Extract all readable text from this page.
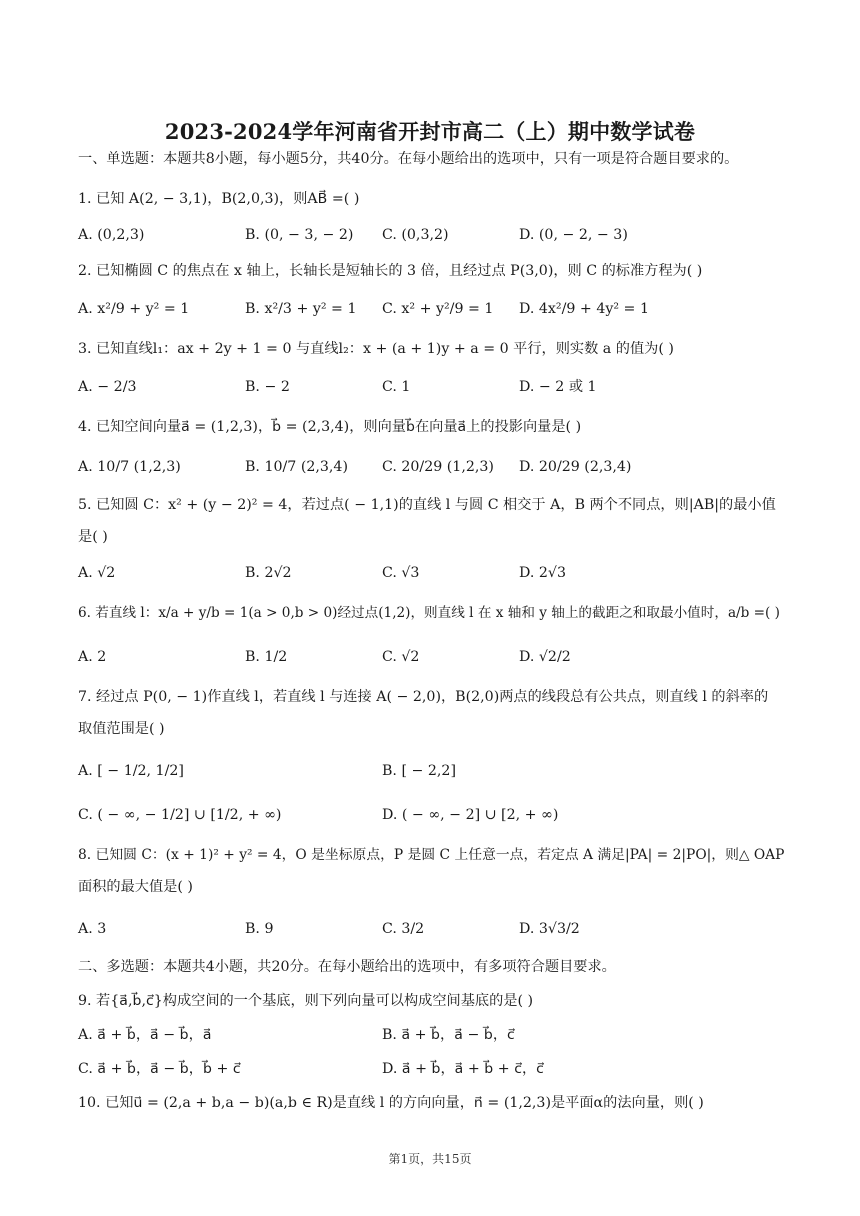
2023-2024学年河南省开封市高二（上）期中数学试卷
一、单选题：本题共8小题，每小题5分，共40分。在每小题给出的选项中，只有一项是符合题目要求的。
1. 已知 A(2, − 3,1)，B(2,0,3)，则AB⃗ =( )
A. (0,2,3)	B. (0, − 3, − 2) C. (0,3,2)	D. (0, − 2, − 3)
2. 已知椭圆 C 的焦点在 x 轴上，长轴长是短轴长的 3 倍，且经过点 P(3,0)，则 C 的标准方程为( )
A. x²/9 + y² = 1	B. x²/3 + y² = 1 C. x² + y²/9 = 1 D. 4x²/9 + 4y² = 1
3. 已知直线l₁：ax + 2y + 1 = 0 与直线l₂：x + (a + 1)y + a = 0 平行，则实数 a 的值为( )
A. − 2/3	B. − 2	C. 1	D. − 2 或 1
4. 已知空间向量a⃗ = (1,2,3)，b⃗ = (2,3,4)，则向量b⃗在向量a⃗上的投影向量是( )
A. 10/7 (1,2,3)	B. 10/7 (2,3,4) C. 20/29 (1,2,3) D. 20/29 (2,3,4)
5. 已知圆 C：x² + (y − 2)² = 4，若过点( − 1,1)的直线 l 与圆 C 相交于 A，B 两个不同点，则|AB|的最小值
是( )
A. √2	B. 2√2	C. √3	D. 2√3
6. 若直线 l：x/a + y/b = 1(a > 0,b > 0)经过点(1,2)，则直线 l 在 x 轴和 y 轴上的截距之和取最小值时，a/b =( )
A. 2	B. 1/2	C. √2	D. √2/2
7. 经过点 P(0, − 1)作直线 l，若直线 l 与连接 A( − 2,0)，B(2,0)两点的线段总有公共点，则直线 l 的斜率的
取值范围是( )
A. [ − 1/2, 1/2]	B. [ − 2,2]
C. ( − ∞, − 1/2] ∪ [1/2, + ∞)	D. ( − ∞, − 2] ∪ [2, + ∞)
8. 已知圆 C：(x + 1)² + y² = 4，O 是坐标原点，P 是圆 C 上任意一点，若定点 A 满足|PA| = 2|PO|，则△ OAP
面积的最大值是( )
A. 3	B. 9	C. 3/2	D. 3√3/2
二、多选题：本题共4小题，共20分。在每小题给出的选项中，有多项符合题目要求。
9. 若{a⃗,b⃗,c⃗}构成空间的一个基底，则下列向量可以构成空间基底的是( )
A. a⃗ + b⃗，a⃗ − b⃗，a⃗	B. a⃗ + b⃗，a⃗ − b⃗，c⃗
C. a⃗ + b⃗，a⃗ − b⃗，b⃗ + c⃗	D. a⃗ + b⃗，a⃗ + b⃗ + c⃗，c⃗
10. 已知u⃗ = (2,a + b,a − b)(a,b ∈ R)是直线 l 的方向向量，n⃗ = (1,2,3)是平面α的法向量，则( )
第1页，共15页
